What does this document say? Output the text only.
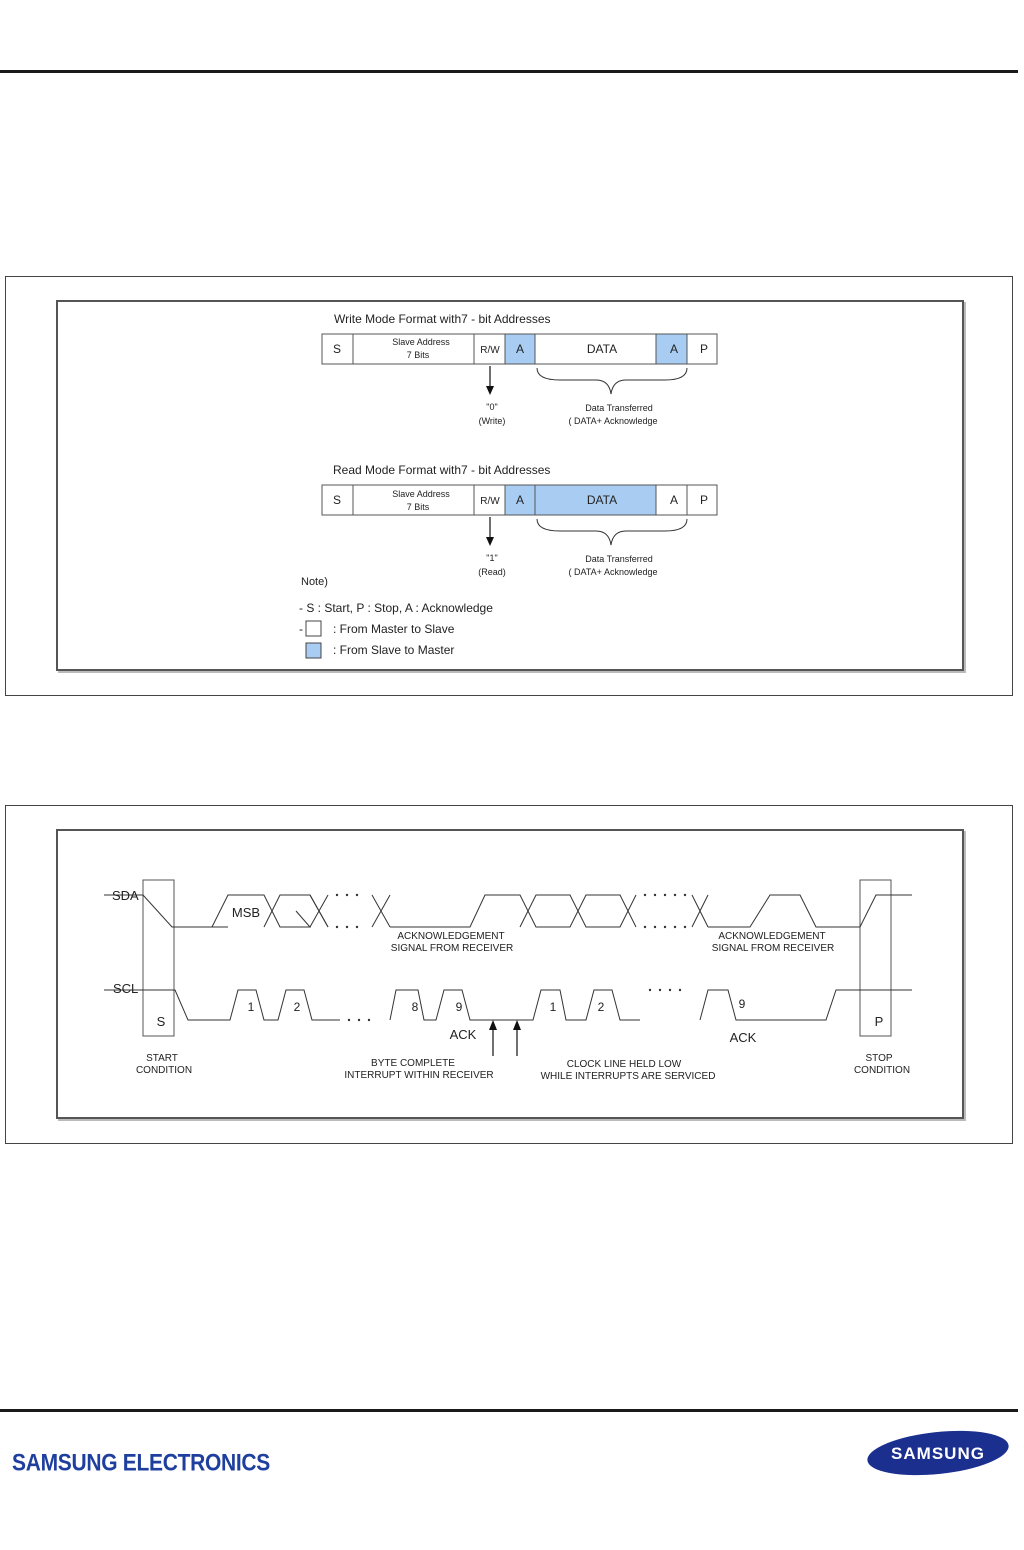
Write Mode Format with7 - bit Addresses
S	Slave Address
7 Bits	R/W A	DATA	A P
"0"
(Write)
Data Transferred
( DATA+ Acknowledge
Read Mode Format with7 - bit Addresses
S	Slave Address
7 Bits	R/W A	DATA	A P
"1"
(Read)
Data Transferred
( DATA+ Acknowledge
Note)
- S : Start, P : Stop, A : Acknowledge
-	: From Master to Slave
: From Slave to Master
SDA
SCL
MSB
1	2	8	9	1	2	9
ACK	ACK
S	P
ACKNOWLEDGEMENT
SIGNAL FROM RECEIVER
ACKNOWLEDGEMENT
SIGNAL FROM RECEIVER
START
CONDITION
BYTE COMPLETE
INTERRUPT WITHIN RECEIVER
CLOCK LINE HELD LOW
WHILE INTERRUPTS ARE SERVICED
STOP
CONDITION
SAMSUNG ELECTRONICS	SAMSUNG
